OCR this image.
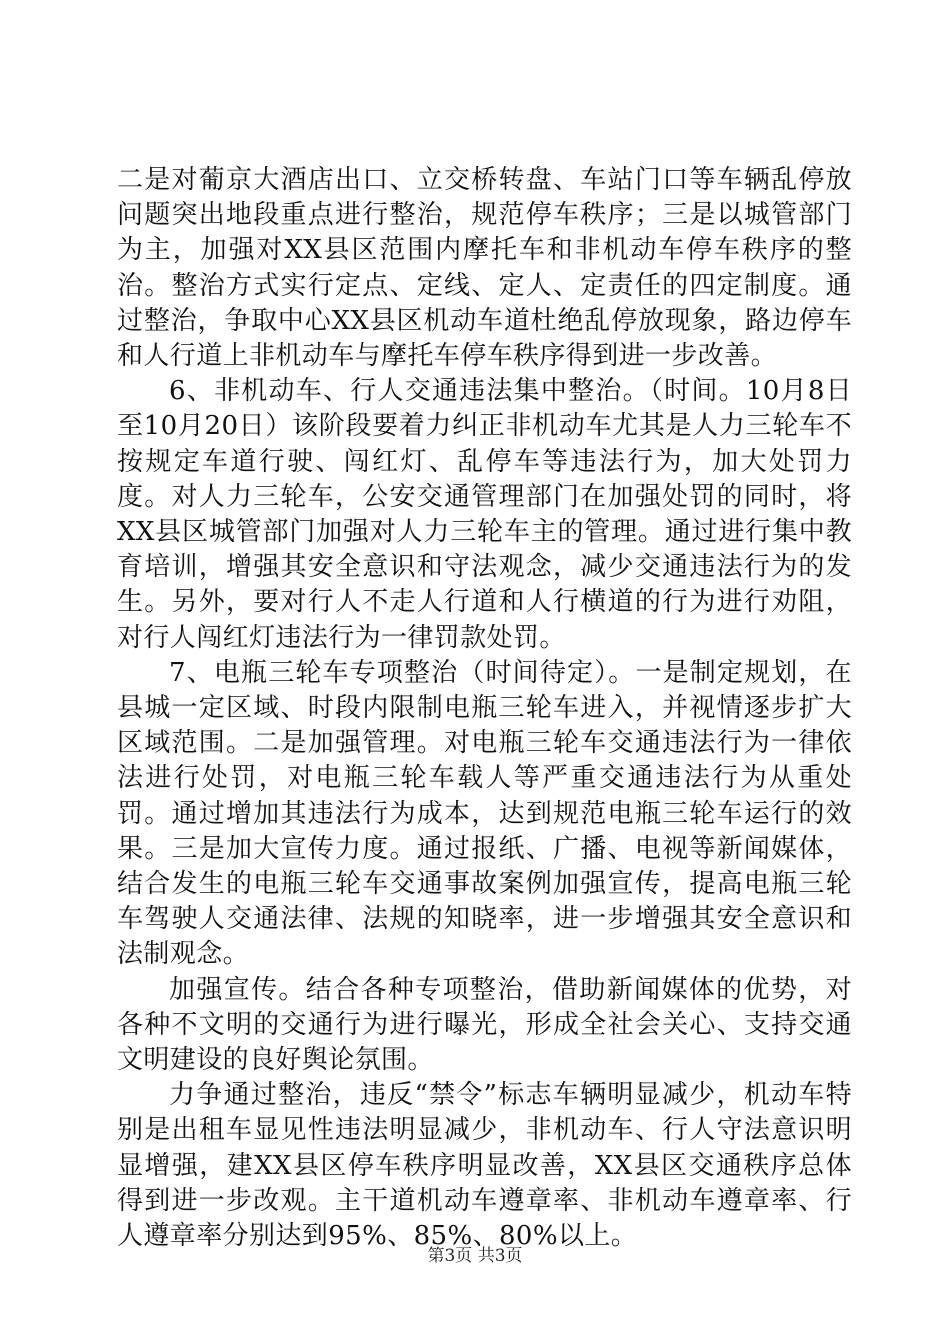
二是对葡京大酒店出口、立交桥转盘、车站门口等车辆乱停放问题突出地段重点进行整治，规范停车秩序；三是以城管部门为主，加强对XX县区范围内摩托车和非机动车停车秩序的整治。整治方式实行定点、定线、定人、定责任的四定制度。通过整治，争取中心XX县区机动车道杜绝乱停放现象，路边停车和人行道上非机动车与摩托车停车秩序得到进一步改善。

6、非机动车、行人交通违法集中整治。（时间。10月8日至10月20日）该阶段要着力纠正非机动车尤其是人力三轮车不按规定车道行驶、闯红灯、乱停车等违法行为，加大处罚力度。对人力三轮车，公安交通管理部门在加强处罚的同时，将XX县区城管部门加强对人力三轮车主的管理。通过进行集中教育培训，增强其安全意识和守法观念，减少交通违法行为的发生。另外，要对行人不走人行道和人行横道的行为进行劝阻，对行人闯红灯违法行为一律罚款处罚。

7、电瓶三轮车专项整治（时间待定）。一是制定规划，在县城一定区域、时段内限制电瓶三轮车进入，并视情逐步扩大区域范围。二是加强管理。对电瓶三轮车交通违法行为一律依法进行处罚，对电瓶三轮车载人等严重交通违法行为从重处罚。通过增加其违法行为成本，达到规范电瓶三轮车运行的效果。三是加大宣传力度。通过报纸、广播、电视等新闻媒体，结合发生的电瓶三轮车交通事故案例加强宣传，提高电瓶三轮车驾驶人交通法律、法规的知晓率，进一步增强其安全意识和法制观念。

加强宣传。结合各种专项整治，借助新闻媒体的优势，对各种不文明的交通行为进行曝光，形成全社会关心、支持交通文明建设的良好舆论氛围。

力争通过整治，违反“禁令”标志车辆明显减少，机动车特别是出租车显见性违法明显减少，非机动车、行人守法意识明显增强，建XX县区停车秩序明显改善，XX县区交通秩序总体得到进一步改观。主干道机动车遵章率、非机动车遵章率、行人遵章率分别达到95%、85%、80%以上。

第3页 共3页
